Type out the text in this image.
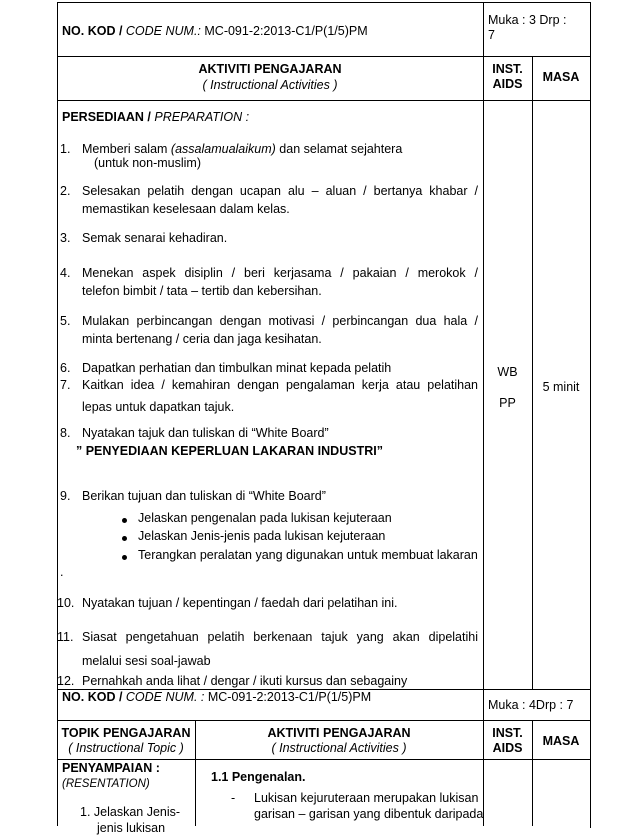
NO. KOD / CODE NUM.: MC-091-2:2013-C1/P(1/5)PM
Muka : 3 Drp :
7
AKTIVITI PENGAJARAN
( Instructional Activities )
INST.
AIDS	MASA
PERSEDIAAN / PREPARATION :
1. Memberi salam (assalamualaikum) dan selamat sejahtera
(untuk non-muslim)
2. Selesakan pelatih dengan ucapan alu – aluan / bertanya khabar /
memastikan keselesaan dalam kelas.
3. Semak senarai kehadiran.
4. Menekan aspek disiplin / beri kerjasama / pakaian / merokok /
telefon bimbit / tata – tertib dan kebersihan.
5. Mulakan perbincangan dengan motivasi / perbincangan dua hala /
minta bertenang / ceria dan jaga kesihatan.
6. Dapatkan perhatian dan timbulkan minat kepada pelatih
7. Kaitkan idea / kemahiran dengan pengalaman kerja atau pelatihan
lepas untuk dapatkan tajuk.
8. Nyatakan tajuk dan tuliskan di “White Board”
” PENYEDIAAN KEPERLUAN LAKARAN INDUSTRI”
9. Berikan tujuan dan tuliskan di “White Board”
Jelaskan pengenalan pada lukisan kejuteraan
Jelaskan Jenis-jenis pada lukisan kejuteraan
Terangkan peralatan yang digunakan untuk membuat lakaran
.
10. Nyatakan tujuan / kepentingan / faedah dari pelatihan ini.
11. Siasat pengetahuan pelatih berkenaan tajuk yang akan dipelatihi
melalui sesi soal-jawab
12. Pernahkah anda lihat / dengar / ikuti kursus dan sebagainy
WB
PP
5 minit
NO. KOD / CODE NUM. : MC-091-2:2013-C1/P(1/5)PM
Muka : 4Drp : 7
TOPIK PENGAJARAN
( Instructional Topic )
AKTIVITI PENGAJARAN
( Instructional Activities )
INST.
AIDS	MASA
PENYAMPAIAN :
(RESENTATION)
1. Jelaskan Jenis-
jenis lukisan
1.1 Pengenalan.
- Lukisan kejuruteraan merupakan lukisan
garisan – garisan yang dibentuk daripada
